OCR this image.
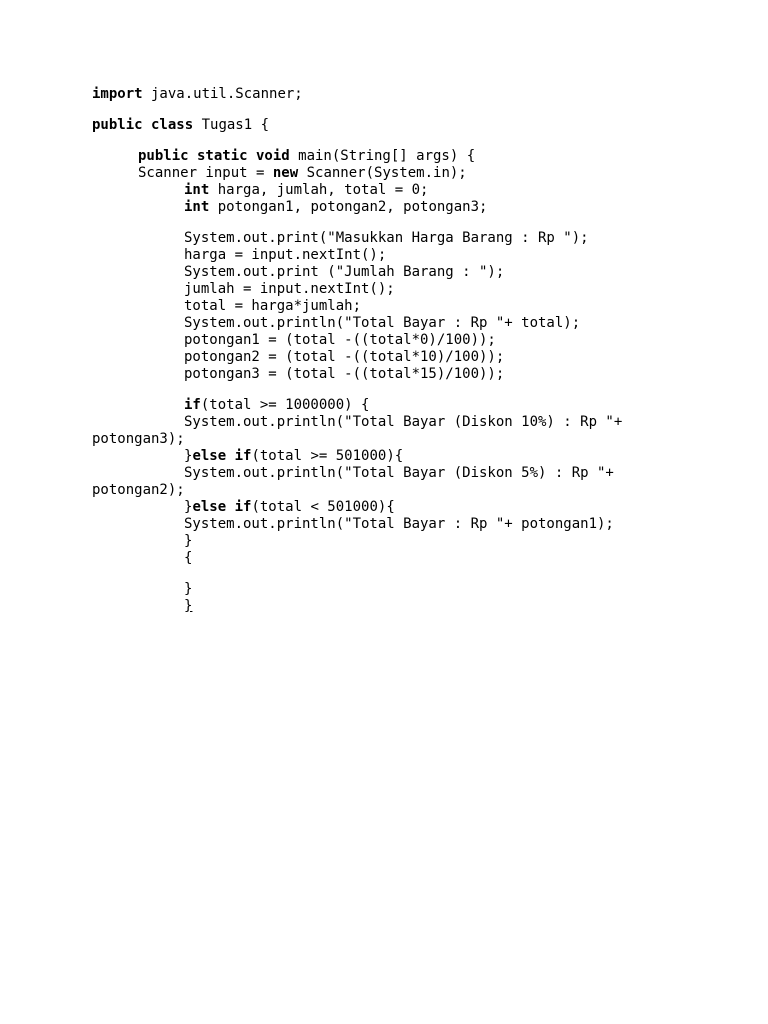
import java.util.Scanner;
public class Tugas1 {
public static void main(String[] args) {
Scanner input = new Scanner(System.in);
int harga, jumlah, total = 0;
int potongan1, potongan2, potongan3;
System.out.print("Masukkan Harga Barang : Rp ");
harga = input.nextInt();
System.out.print ("Jumlah Barang : ");
jumlah = input.nextInt();
total = harga*jumlah;
System.out.println("Total Bayar : Rp "+ total);
potongan1 = (total -((total*0)/100));
potongan2 = (total -((total*10)/100));
potongan3 = (total -((total*15)/100));
if(total >= 1000000) {
System.out.println("Total Bayar (Diskon 10%) : Rp "+
potongan3);
}else if(total >= 501000){
System.out.println("Total Bayar (Diskon 5%) : Rp "+
potongan2);
}else if(total < 501000){
System.out.println("Total Bayar : Rp "+ potongan1);
}
{
}
}
